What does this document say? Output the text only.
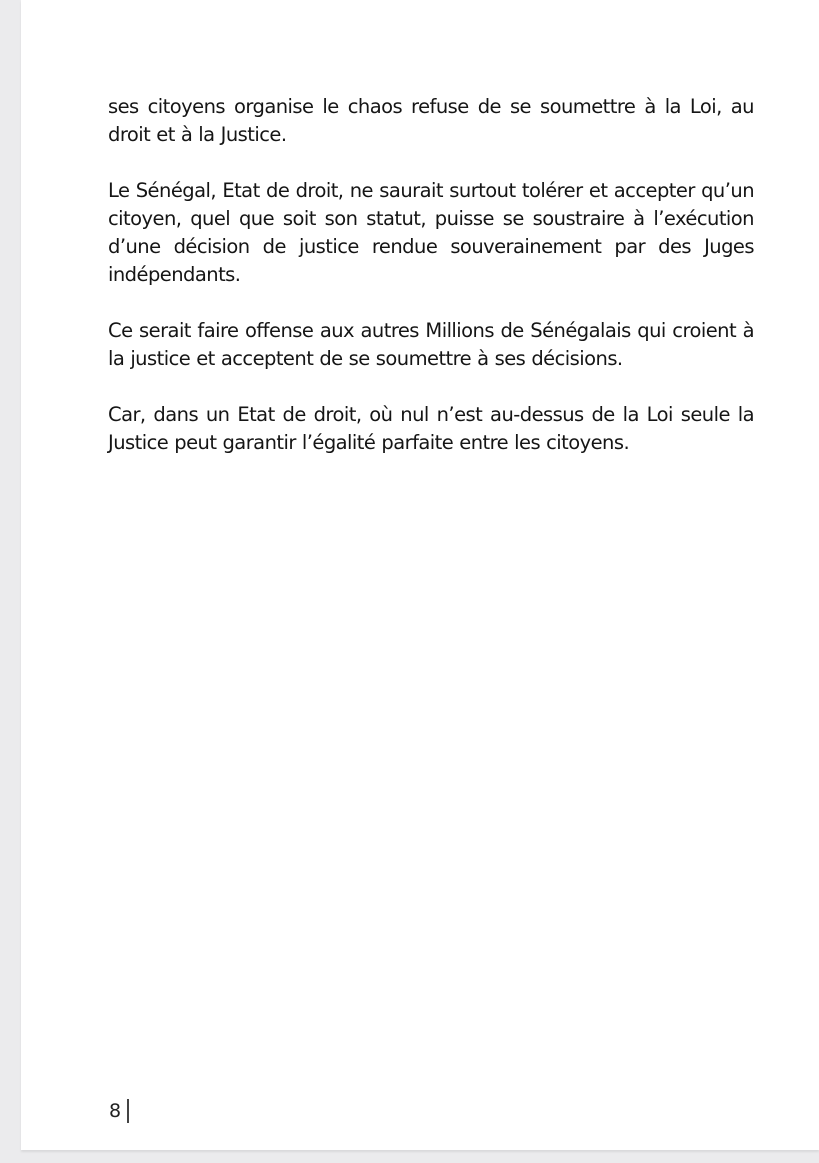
ses citoyens organise le chaos refuse de se soumettre à la Loi, au droit et à la Justice.

Le Sénégal, Etat de droit, ne saurait surtout tolérer et accepter qu’un citoyen, quel que soit son statut, puisse se soustraire à l’exécution d’une décision de justice rendue souverainement par des Juges indépendants.

Ce serait faire offense aux autres Millions de Sénégalais qui croient à la justice et acceptent de se soumettre à ses décisions.

Car, dans un Etat de droit, où nul n’est au-dessus de la Loi seule la Justice peut garantir l’égalité parfaite entre les citoyens.

8
